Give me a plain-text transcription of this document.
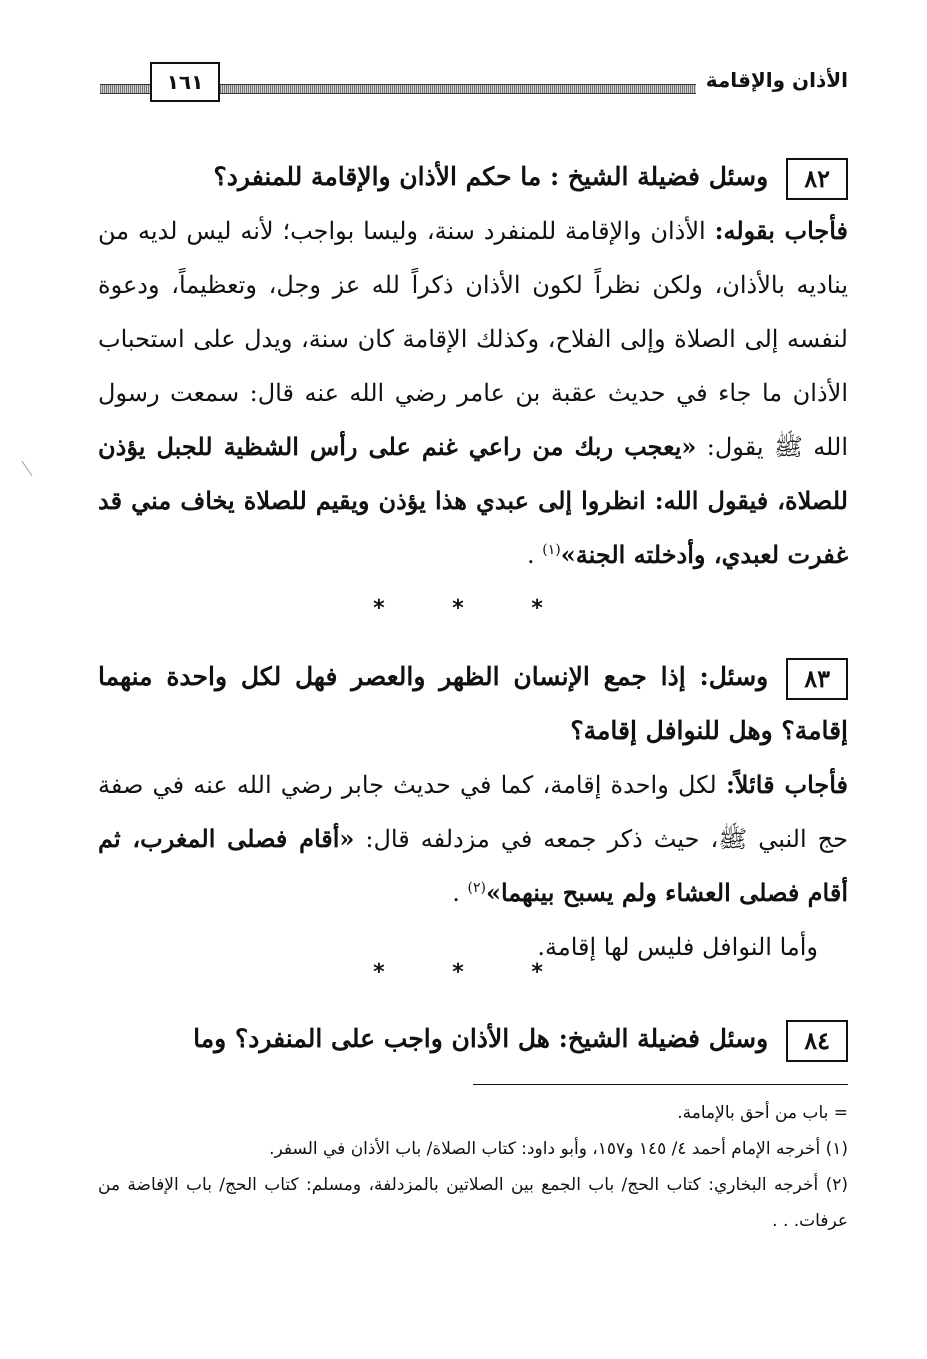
الأذان والإقامة
١٦١
٨٢وسئل فضيلة الشيخ : ما حكم الأذان والإقامة للمنفرد؟
فأجاب بقوله: الأذان والإقامة للمنفرد سنة، وليسا بواجب؛ لأنه ليس لديه من يناديه بالأذان، ولكن نظراً لكون الأذان ذكراً لله عز وجل، وتعظيماً، ودعوة لنفسه إلى الصلاة وإلى الفلاح، وكذلك الإقامة كان سنة، ويدل على استحباب الأذان ما جاء في حديث عقبة بن عامر رضي الله عنه قال: سمعت رسول الله ﷺ يقول: «يعجب ربك من راعي غنم على رأس الشظية للجبل يؤذن للصلاة، فيقول الله: انظروا إلى عبدي هذا يؤذن ويقيم للصلاة يخاف مني قد غفرت لعبدي، وأدخلته الجنة»$^{(١)}$ .
* * *
٨٣وسئل: إذا جمع الإنسان الظهر والعصر فهل لكل واحدة منهما إقامة؟ وهل للنوافل إقامة؟
فأجاب قائلاً: لكل واحدة إقامة، كما في حديث جابر رضي الله عنه في صفة حج النبي ﷺ، حيث ذكر جمعه في مزدلفه قال: «أقام فصلى المغرب، ثم أقام فصلى العشاء ولم يسبح بينهما»$^{(٢)}$ .
وأما النوافل فليس لها إقامة.
* * *
٨٤وسئل فضيلة الشيخ: هل الأذان واجب على المنفرد؟ وما
= باب من أحق بالإمامة.
(١) أخرجه الإمام أحمد ٤/ ١٤٥ و١٥٧، وأبو داود: كتاب الصلاة/ باب الأذان في السفر.
(٢) أخرجه البخاري: كتاب الحج/ باب الجمع بين الصلاتين بالمزدلفة، ومسلم: كتاب الحج/ باب الإفاضة من عرفات. . .
